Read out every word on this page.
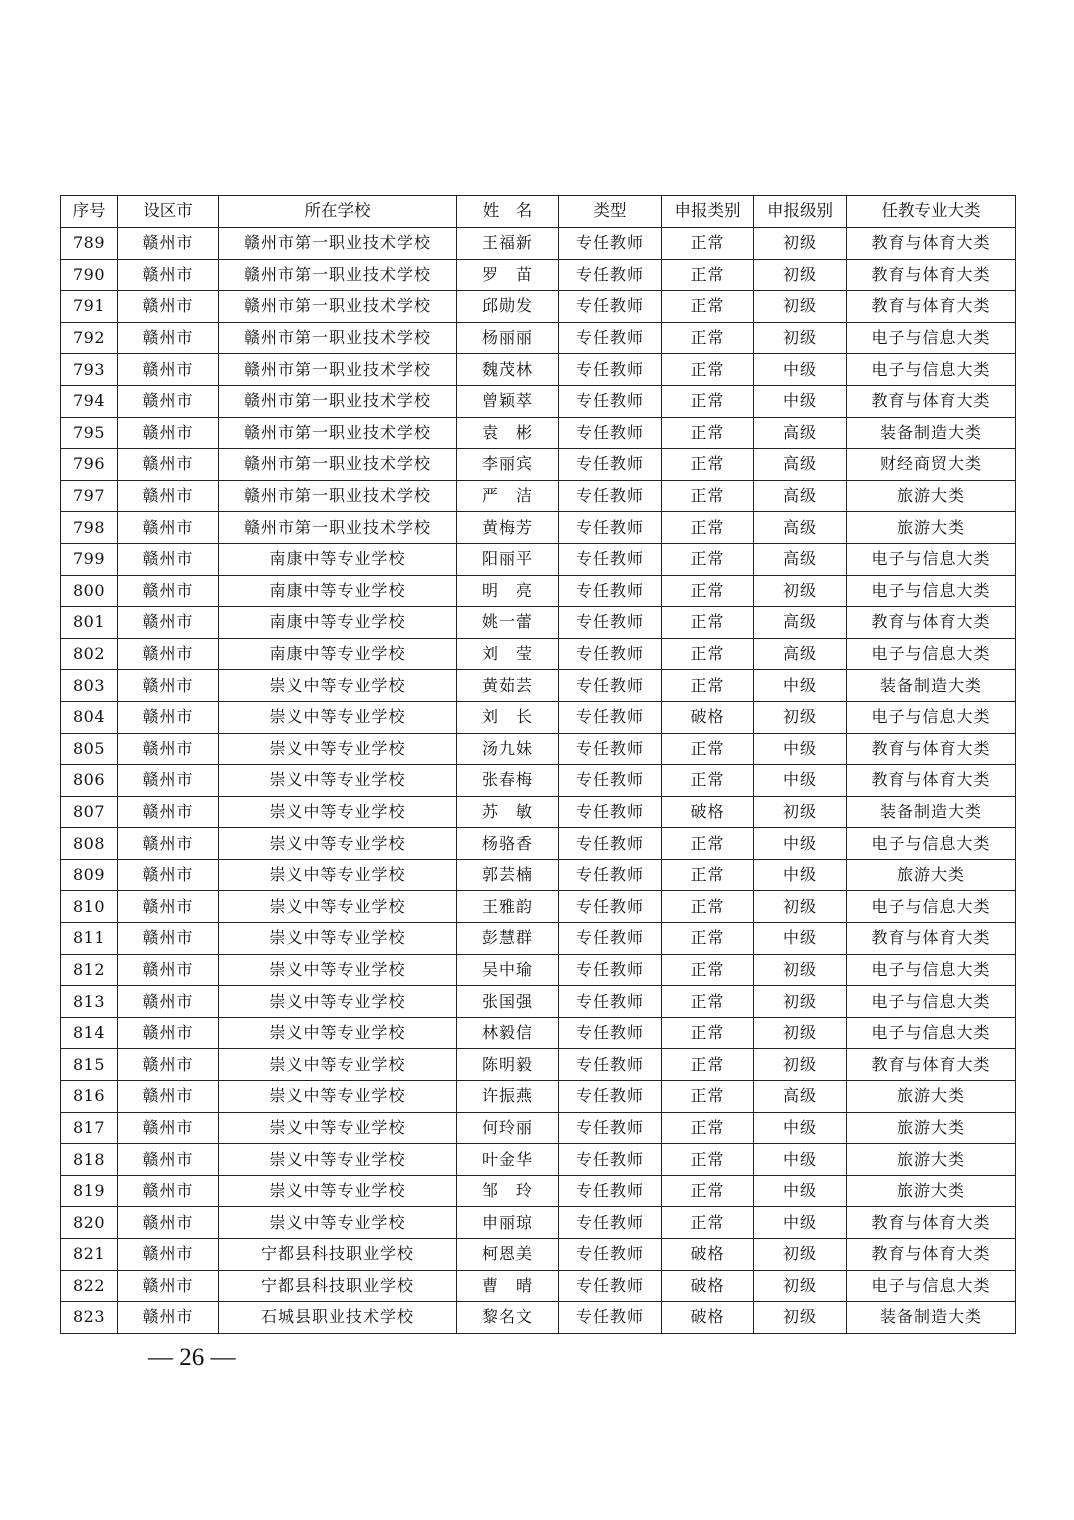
序号	设区市	所在学校	姓　名	类型	申报类别	申报级别	任教专业大类
789	赣州市	赣州市第一职业技术学校	王福新	专任教师	正常	初级	教育与体育大类
790	赣州市	赣州市第一职业技术学校	罗　苗	专任教师	正常	初级	教育与体育大类
791	赣州市	赣州市第一职业技术学校	邱勋发	专任教师	正常	初级	教育与体育大类
792	赣州市	赣州市第一职业技术学校	杨丽丽	专任教师	正常	初级	电子与信息大类
793	赣州市	赣州市第一职业技术学校	魏茂林	专任教师	正常	中级	电子与信息大类
794	赣州市	赣州市第一职业技术学校	曾颖萃	专任教师	正常	中级	教育与体育大类
795	赣州市	赣州市第一职业技术学校	袁　彬	专任教师	正常	高级	装备制造大类
796	赣州市	赣州市第一职业技术学校	李丽宾	专任教师	正常	高级	财经商贸大类
797	赣州市	赣州市第一职业技术学校	严　洁	专任教师	正常	高级	旅游大类
798	赣州市	赣州市第一职业技术学校	黄梅芳	专任教师	正常	高级	旅游大类
799	赣州市	南康中等专业学校	阳丽平	专任教师	正常	高级	电子与信息大类
800	赣州市	南康中等专业学校	明　亮	专任教师	正常	初级	电子与信息大类
801	赣州市	南康中等专业学校	姚一蕾	专任教师	正常	高级	教育与体育大类
802	赣州市	南康中等专业学校	刘　莹	专任教师	正常	高级	电子与信息大类
803	赣州市	崇义中等专业学校	黄茹芸	专任教师	正常	中级	装备制造大类
804	赣州市	崇义中等专业学校	刘　长	专任教师	破格	初级	电子与信息大类
805	赣州市	崇义中等专业学校	汤九妹	专任教师	正常	中级	教育与体育大类
806	赣州市	崇义中等专业学校	张春梅	专任教师	正常	中级	教育与体育大类
807	赣州市	崇义中等专业学校	苏　敏	专任教师	破格	初级	装备制造大类
808	赣州市	崇义中等专业学校	杨骆香	专任教师	正常	中级	电子与信息大类
809	赣州市	崇义中等专业学校	郭芸楠	专任教师	正常	中级	旅游大类
810	赣州市	崇义中等专业学校	王雅韵	专任教师	正常	初级	电子与信息大类
811	赣州市	崇义中等专业学校	彭慧群	专任教师	正常	中级	教育与体育大类
812	赣州市	崇义中等专业学校	吴中瑜	专任教师	正常	初级	电子与信息大类
813	赣州市	崇义中等专业学校	张国强	专任教师	正常	初级	电子与信息大类
814	赣州市	崇义中等专业学校	林毅信	专任教师	正常	初级	电子与信息大类
815	赣州市	崇义中等专业学校	陈明毅	专任教师	正常	初级	教育与体育大类
816	赣州市	崇义中等专业学校	许振燕	专任教师	正常	高级	旅游大类
817	赣州市	崇义中等专业学校	何玲丽	专任教师	正常	中级	旅游大类
818	赣州市	崇义中等专业学校	叶金华	专任教师	正常	中级	旅游大类
819	赣州市	崇义中等专业学校	邹　玲	专任教师	正常	中级	旅游大类
820	赣州市	崇义中等专业学校	申丽琼	专任教师	正常	中级	教育与体育大类
821	赣州市	宁都县科技职业学校	柯恩美	专任教师	破格	初级	教育与体育大类
822	赣州市	宁都县科技职业学校	曹　晴	专任教师	破格	初级	电子与信息大类
823	赣州市	石城县职业技术学校	黎名文	专任教师	破格	初级	装备制造大类
— 26 —
